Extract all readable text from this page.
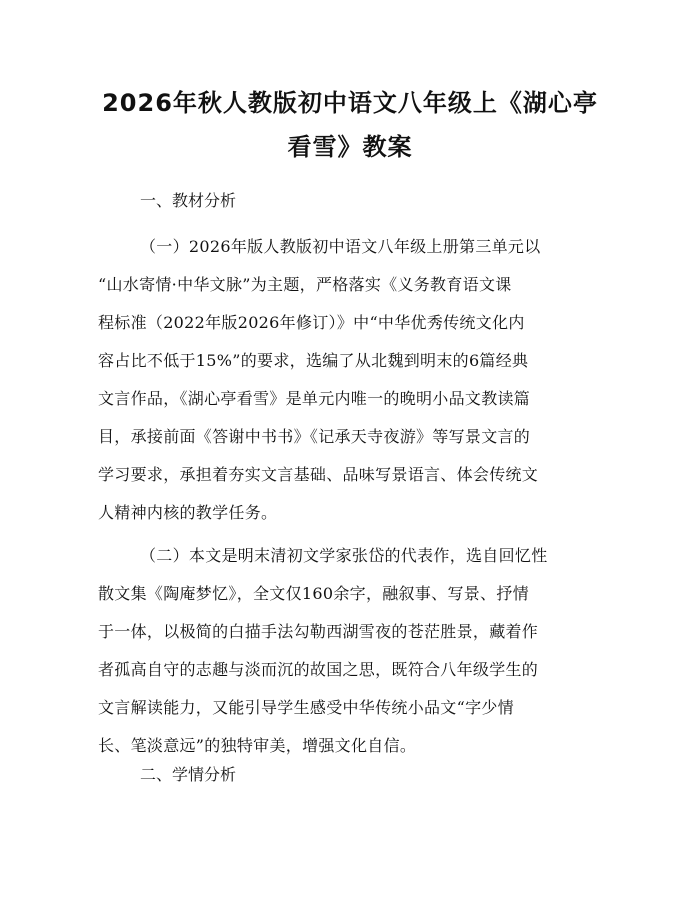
2026年秋人教版初中语文八年级上《湖心亭
看雪》教案
一、教材分析
（一）2026年版人教版初中语文八年级上册第三单元以
“山水寄情·中华文脉”为主题，严格落实《义务教育语文课
程标准（2022年版2026年修订）》中“中华优秀传统文化内
容占比不低于15%”的要求，选编了从北魏到明末的6篇经典
文言作品，《湖心亭看雪》是单元内唯一的晚明小品文教读篇
目，承接前面《答谢中书书》《记承天寺夜游》等写景文言的
学习要求，承担着夯实文言基础、品味写景语言、体会传统文
人精神内核的教学任务。
（二）本文是明末清初文学家张岱的代表作，选自回忆性
散文集《陶庵梦忆》，全文仅160余字，融叙事、写景、抒情
于一体，以极简的白描手法勾勒西湖雪夜的苍茫胜景，藏着作
者孤高自守的志趣与淡而沉的故国之思，既符合八年级学生的
文言解读能力，又能引导学生感受中华传统小品文“字少情
长、笔淡意远”的独特审美，增强文化自信。
二、学情分析
